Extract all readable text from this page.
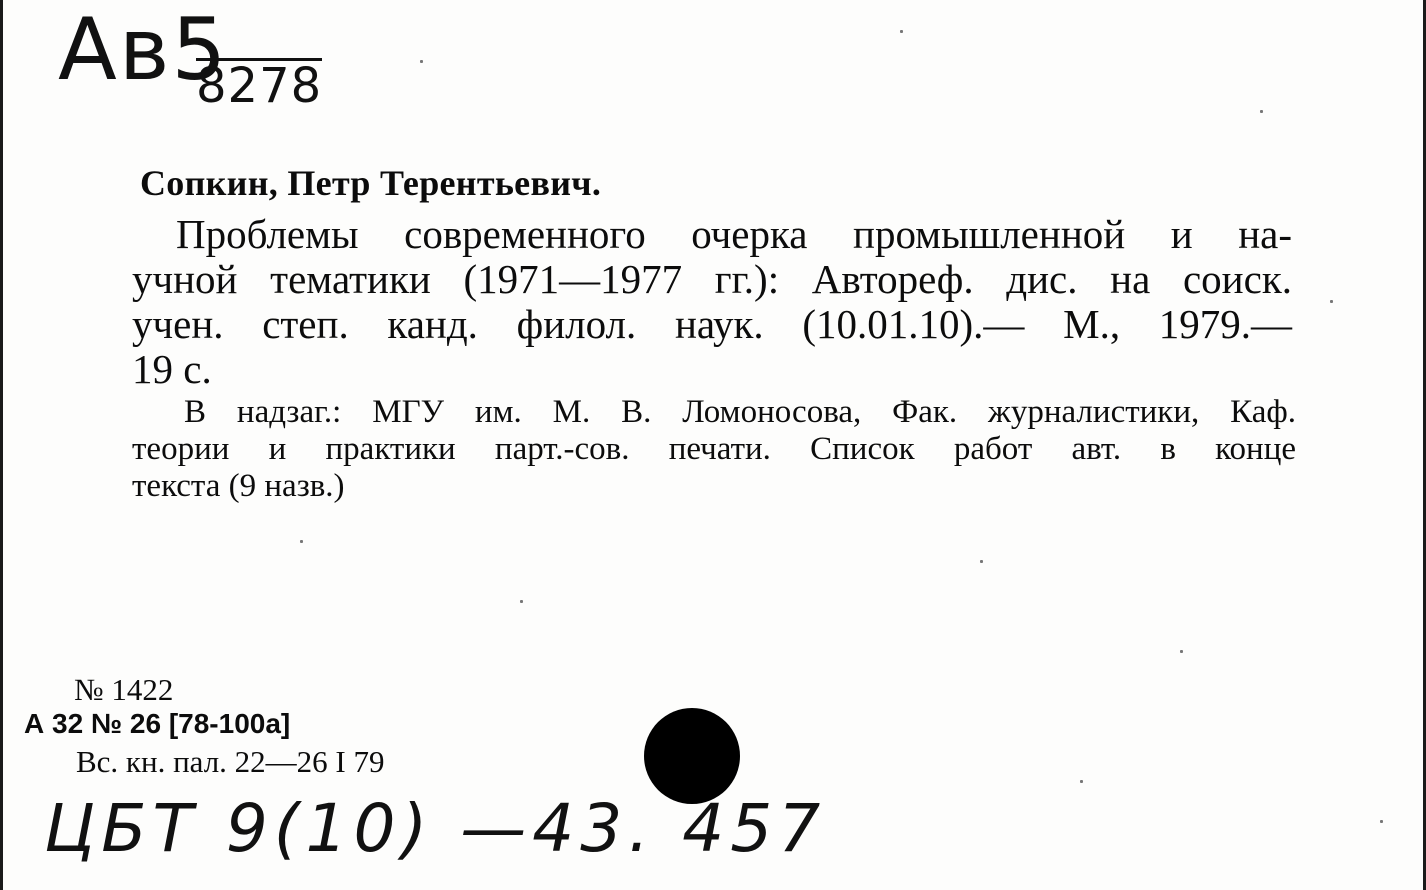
Ав5
8278
Сопкин, Петр Терентьевич.
Проблемы современного очерка промышленной и на-
учной тематики (1971—1977 гг.): Автореф. дис. на соиск.
учен. степ. канд. филол. наук. (10.01.10).— М., 1979.—
19 с.
В надзаг.: МГУ им. М. В. Ломоносова, Фак. журналистики, Каф.
теории и практики парт.-сов. печати. Список работ авт. в конце
текста (9 назв.)
№ 1422
А 32 № 26 [78-100а]
Вс. кн. пал. 22—26 I 79
ЦБТ 9(10) —43. 457
